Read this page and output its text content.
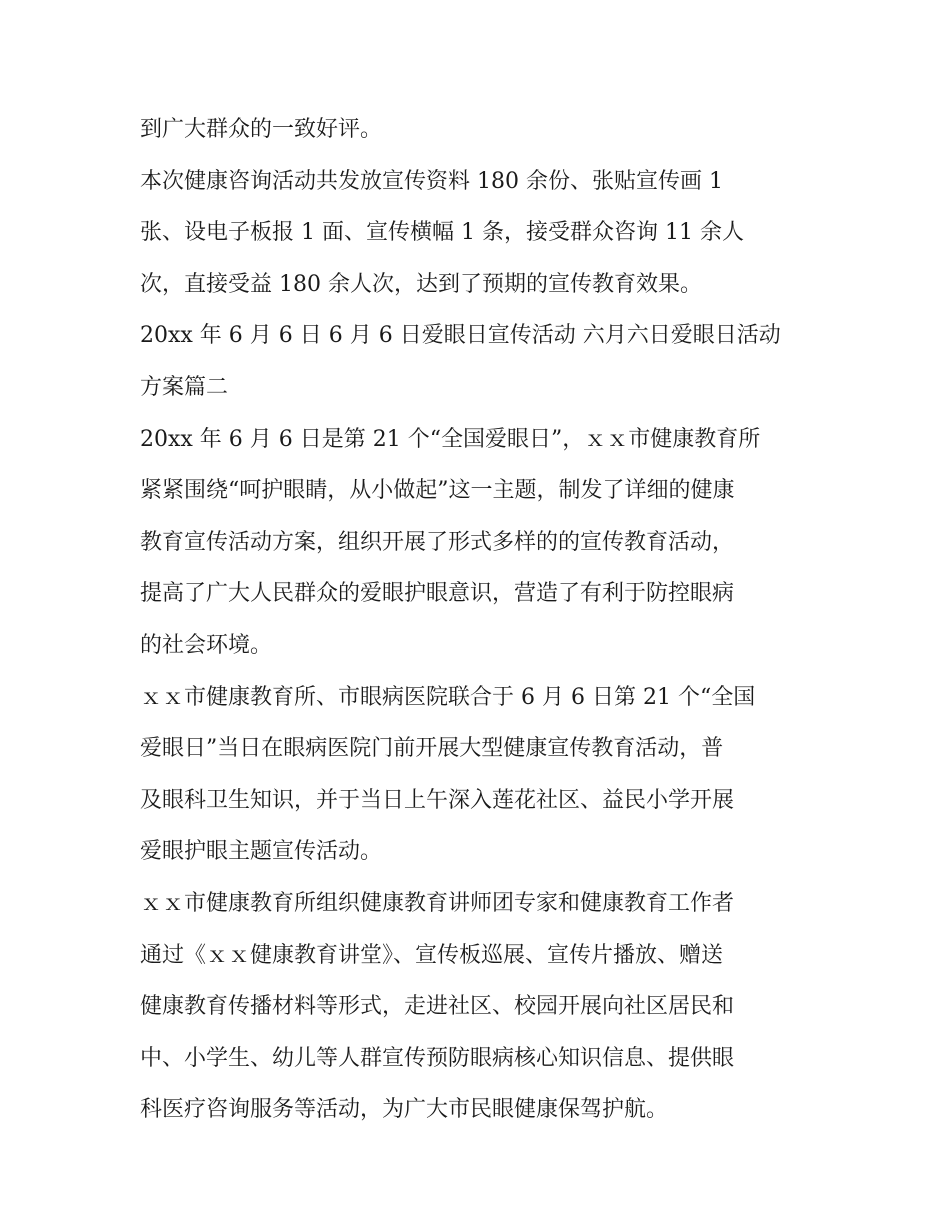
到广大群众的一致好评。
本次健康咨询活动共发放宣传资料 180 余份、张贴宣传画 1
张、设电子板报 1 面、宣传横幅 1 条，接受群众咨询 11 余人
次，直接受益 180 余人次，达到了预期的宣传教育效果。
20xx 年 6 月 6 日 6 月 6 日爱眼日宣传活动 六月六日爱眼日活动
方案篇二
20xx 年 6 月 6 日是第 21 个“全国爱眼日”，ｘｘ市健康教育所
紧紧围绕“呵护眼睛，从小做起”这一主题，制发了详细的健康
教育宣传活动方案，组织开展了形式多样的的宣传教育活动，
提高了广大人民群众的爱眼护眼意识，营造了有利于防控眼病
的社会环境。
ｘｘ市健康教育所、市眼病医院联合于 6 月 6 日第 21 个“全国
爱眼日”当日在眼病医院门前开展大型健康宣传教育活动，普
及眼科卫生知识，并于当日上午深入莲花社区、益民小学开展
爱眼护眼主题宣传活动。
ｘｘ市健康教育所组织健康教育讲师团专家和健康教育工作者
通过《ｘｘ健康教育讲堂》、宣传板巡展、宣传片播放、赠送
健康教育传播材料等形式，走进社区、校园开展向社区居民和
中、小学生、幼儿等人群宣传预防眼病核心知识信息、提供眼
科医疗咨询服务等活动，为广大市民眼健康保驾护航。
